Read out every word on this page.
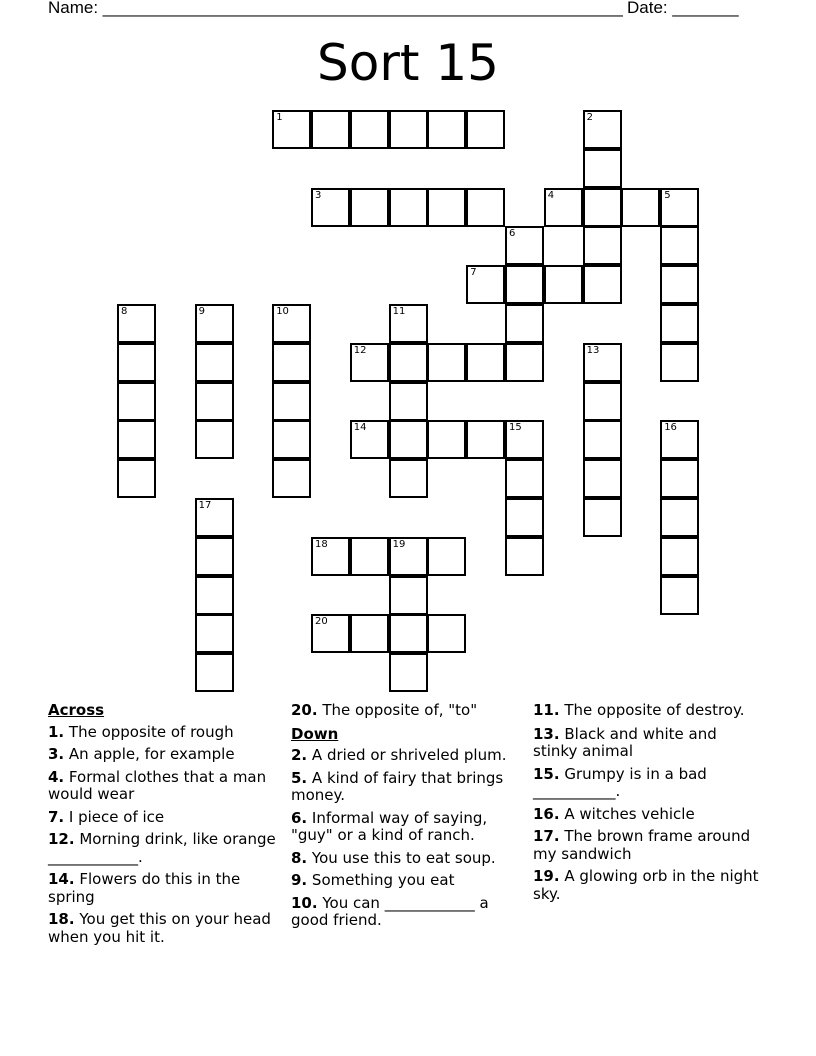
Name: _______________________________________________________ Date: _______
Sort 15
1	2
3	4	5
6
7
8	9	10	11
12	13
14	15	16
17
18	19
20
Across
1. The opposite of rough
3. An apple, for example
4. Formal clothes that a man would wear
7. I piece of ice
12. Morning drink, like orange ____________.
14. Flowers do this in the spring
18. You get this on your head when you hit it.
20. The opposite of, "to"
Down
2. A dried or shriveled plum.
5. A kind of fairy that brings money.
6. Informal way of saying, "guy" or a kind of ranch.
8. You use this to eat soup.
9. Something you eat
10. You can ____________ a good friend.
11. The opposite of destroy.
13. Black and white and stinky animal
15. Grumpy is in a bad ___________.
16. A witches vehicle
17. The brown frame around my sandwich
19. A glowing orb in the night sky.
